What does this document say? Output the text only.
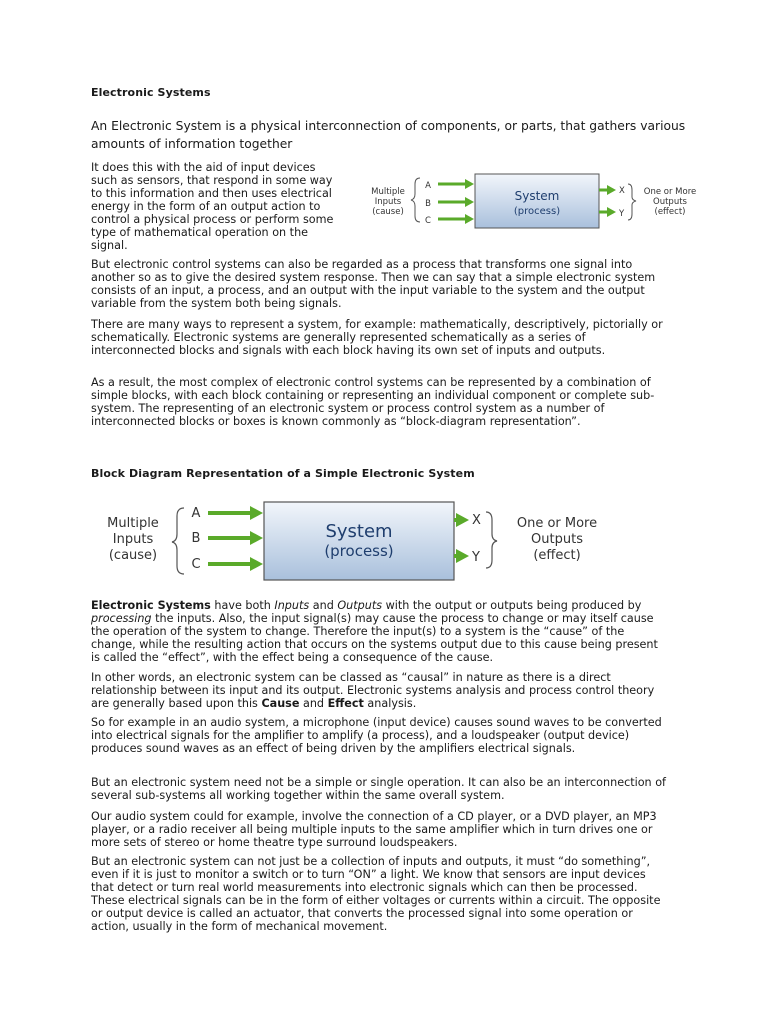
Electronic Systems

An Electronic System is a physical interconnection of components, or parts, that gathers various amounts of information together

It does this with the aid of input devices
such as sensors, that respond in some way
to this information and then uses electrical
energy in the form of an output action to
control a physical process or perform some
type of mathematical operation on the
signal.
Multiple
Inputs
(cause)
A
B
C
System
(process)
X
Y
One or More
Outputs
(effect)

But electronic control systems can also be regarded as a process that transforms one signal into another so as to give the desired system response. Then we can say that a simple electronic system consists of an input, a process, and an output with the input variable to the system and the output variable from the system both being signals.

There are many ways to represent a system, for example: mathematically, descriptively, pictorially or schematically. Electronic systems are generally represented schematically as a series of interconnected blocks and signals with each block having its own set of inputs and outputs.

As a result, the most complex of electronic control systems can be represented by a combination of simple blocks, with each block containing or representing an individual component or complete sub-system. The representing of an electronic system or process control system as a number of interconnected blocks or boxes is known commonly as “block-diagram representation”.

Block Diagram Representation of a Simple Electronic System
Multiple
Inputs
(cause)
A
B
C
System
(process)
X
Y
One or More
Outputs
(effect)

Electronic Systems have both Inputs and Outputs with the output or outputs being produced by processing the inputs. Also, the input signal(s) may cause the process to change or may itself cause the operation of the system to change. Therefore the input(s) to a system is the “cause” of the change, while the resulting action that occurs on the systems output due to this cause being present is called the “effect”, with the effect being a consequence of the cause.

In other words, an electronic system can be classed as “causal” in nature as there is a direct relationship between its input and its output. Electronic systems analysis and process control theory are generally based upon this Cause and Effect analysis.

So for example in an audio system, a microphone (input device) causes sound waves to be converted into electrical signals for the amplifier to amplify (a process), and a loudspeaker (output device) produces sound waves as an effect of being driven by the amplifiers electrical signals.

But an electronic system need not be a simple or single operation. It can also be an interconnection of several sub-systems all working together within the same overall system.

Our audio system could for example, involve the connection of a CD player, or a DVD player, an MP3 player, or a radio receiver all being multiple inputs to the same amplifier which in turn drives one or more sets of stereo or home theatre type surround loudspeakers.

But an electronic system can not just be a collection of inputs and outputs, it must “do something”, even if it is just to monitor a switch or to turn “ON” a light. We know that sensors are input devices that detect or turn real world measurements into electronic signals which can then be processed. These electrical signals can be in the form of either voltages or currents within a circuit. The opposite or output device is called an actuator, that converts the processed signal into some operation or action, usually in the form of mechanical movement.
